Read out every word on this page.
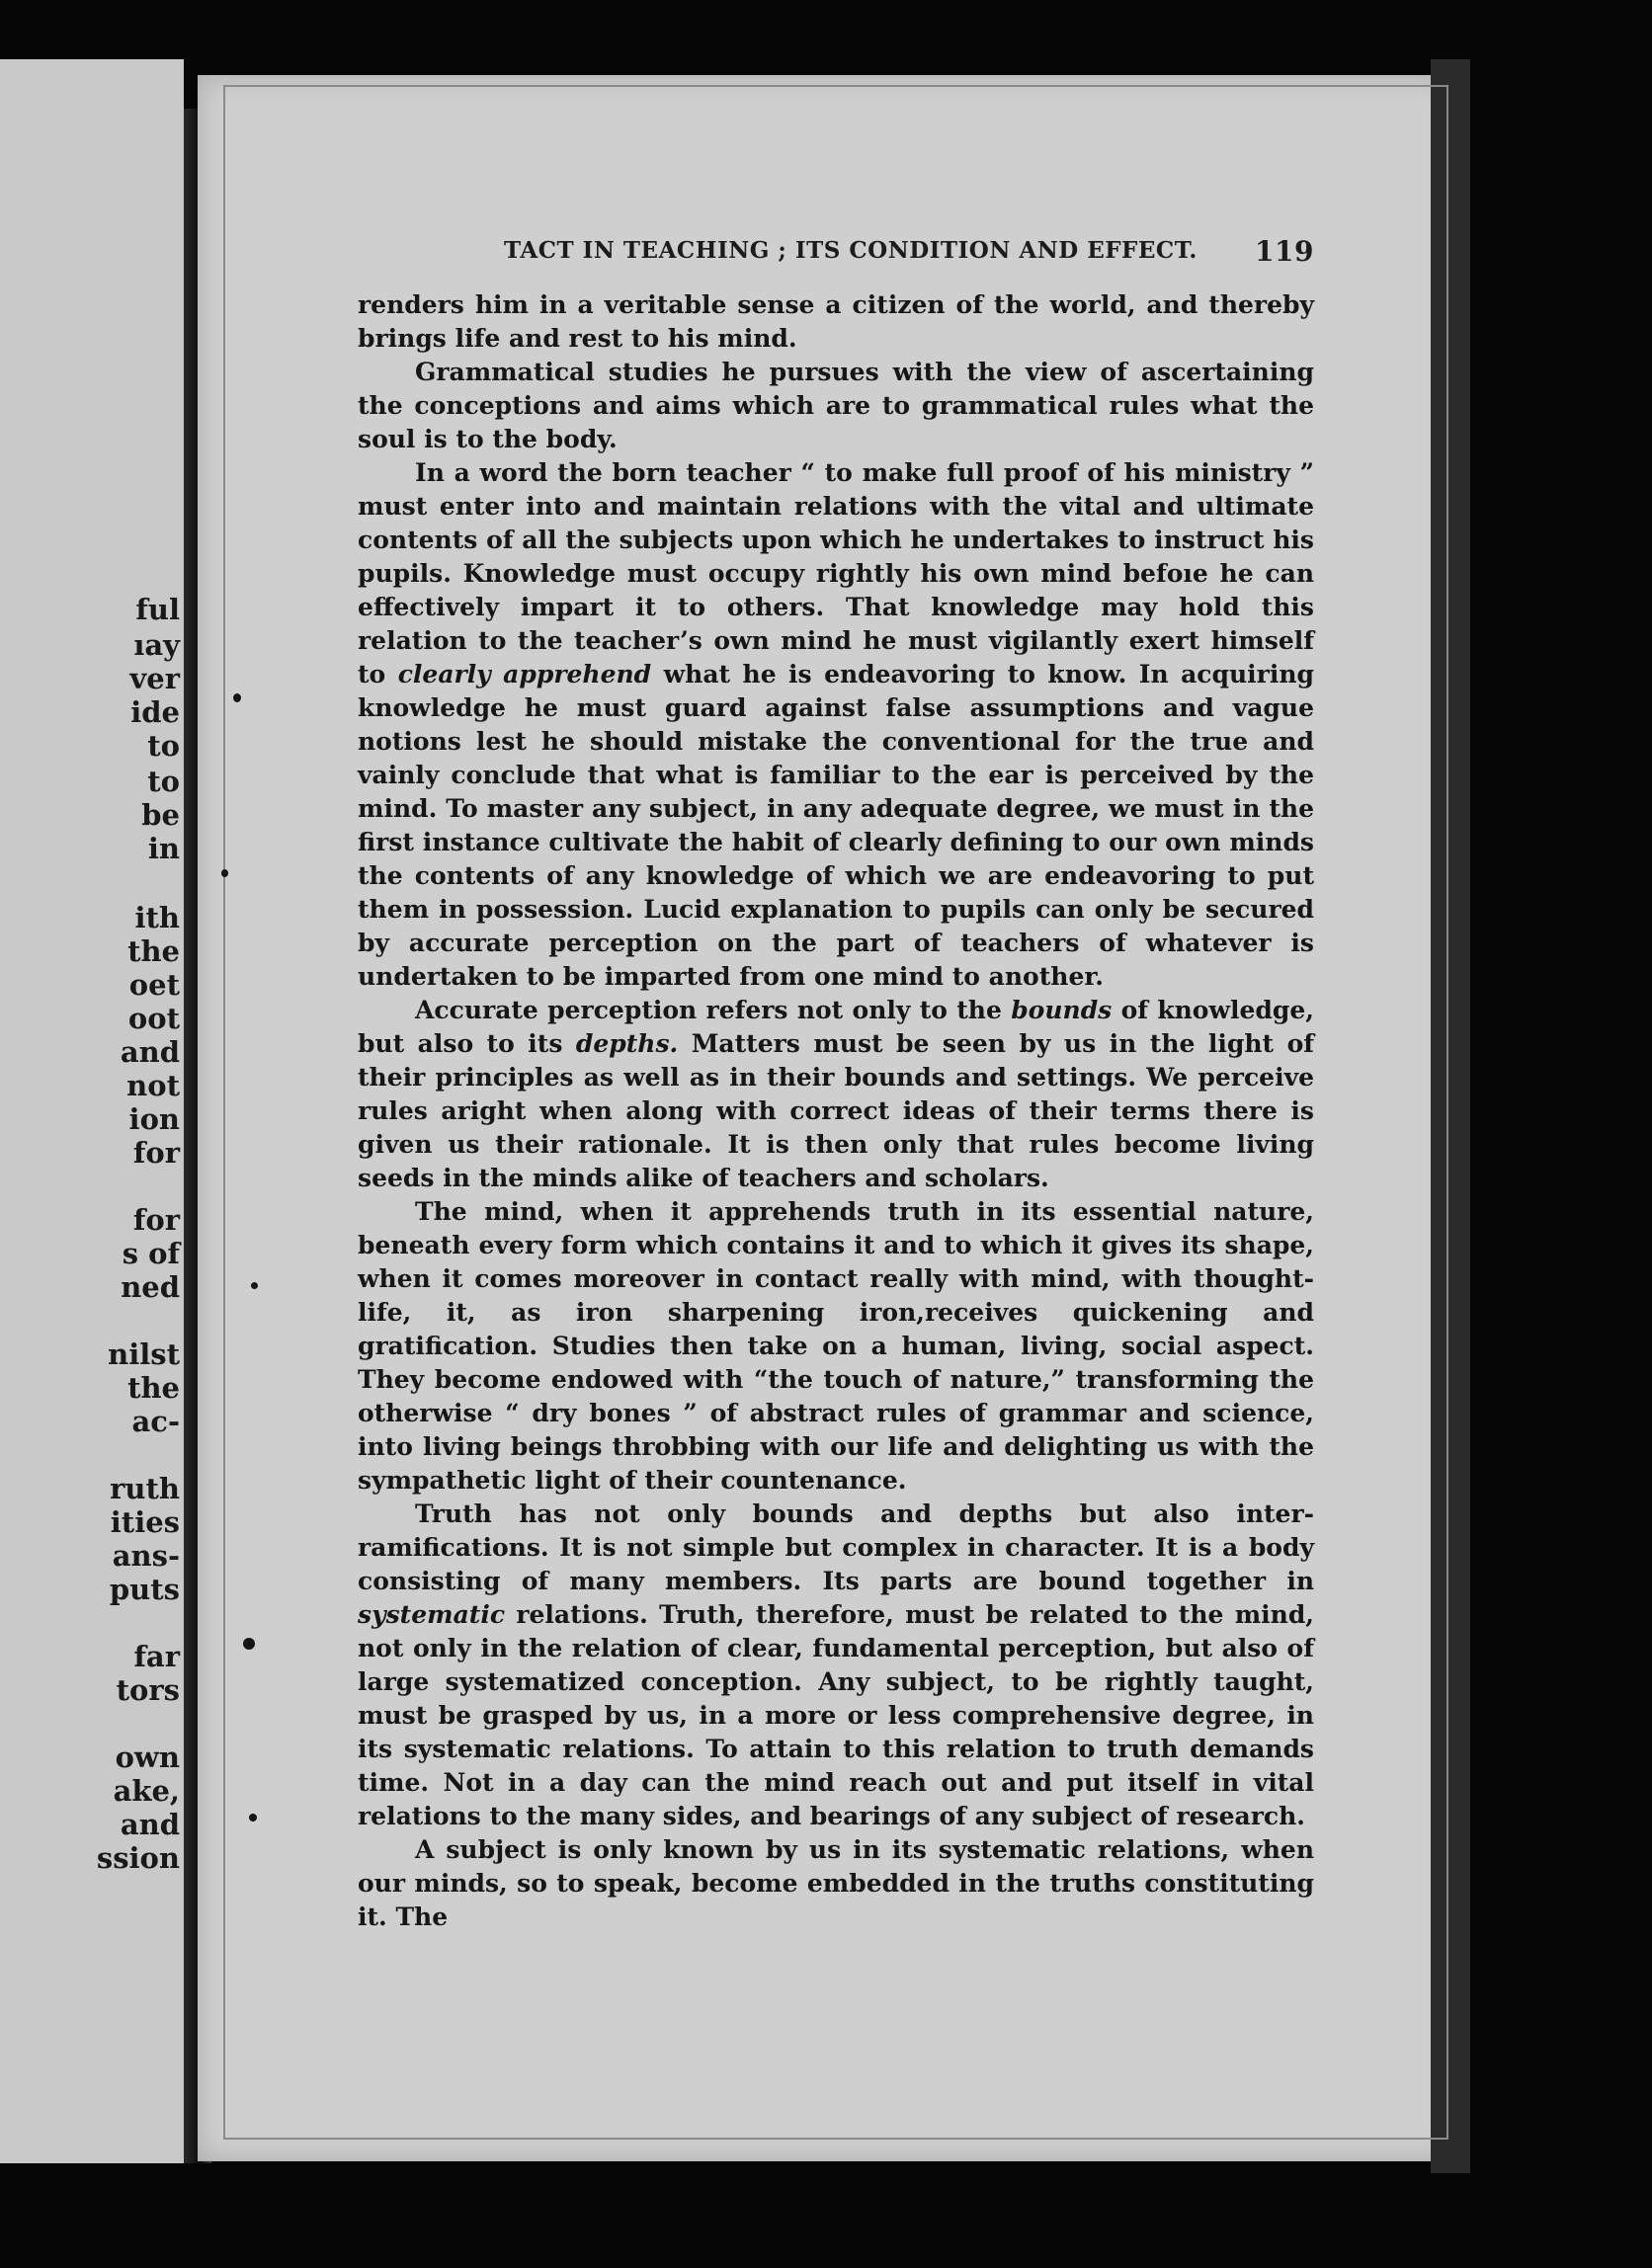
ful
ıay
ver
ide
to
to
be
in
ith
the
oet
oot
and
not
ion
for
for
s of
ned
nilst
the
ac-
ruth
ities
ans-
puts
far
tors
own
ake,
and
ssion
TACT IN TEACHING ; ITS CONDITION AND EFFECT. 119

renders him in a veritable sense a citizen of the world, and thereby brings life and rest to his mind.

Grammatical studies he pursues with the view of ascertaining the conceptions and aims which are to grammatical rules what the soul is to the body.

In a word the born teacher “ to make full proof of his ministry ” must enter into and maintain relations with the vital and ultimate contents of all the subjects upon which he undertakes to instruct his pupils. Knowledge must occupy rightly his own mind befoıe he can effectively impart it to others. That knowledge may hold this relation to the teacher’s own mind he must vigilantly exert himself to clearly apprehend what he is endeavoring to know. In acquiring knowledge he must guard against false assumptions and vague notions lest he should mistake the conventional for the true and vainly conclude that what is familiar to the ear is perceived by the mind. To master any subject, in any adequate degree, we must in the first instance cultivate the habit of clearly defining to our own minds the contents of any knowledge of which we are endeavoring to put them in possession. Lucid explanation to pupils can only be secured by accurate perception on the part of teachers of whatever is undertaken to be imparted from one mind to another.

Accurate perception refers not only to the bounds of knowledge, but also to its depths. Matters must be seen by us in the light of their principles as well as in their bounds and settings. We perceive rules aright when along with correct ideas of their terms there is given us their rationale. It is then only that rules become living seeds in the minds alike of teachers and scholars.

The mind, when it apprehends truth in its essential nature, beneath every form which contains it and to which it gives its shape, when it comes moreover in contact really with mind, with thought-life, it, as iron sharpening iron,receives quickening and gratification. Studies then take on a human, living, social aspect. They become endowed with “the touch of nature,” transforming the otherwise “ dry bones ” of abstract rules of grammar and science, into living beings throbbing with our life and delighting us with the sympathetic light of their countenance.

Truth has not only bounds and depths but also inter-ramifications. It is not simple but complex in character. It is a body consisting of many members. Its parts are bound together in systematic relations. Truth, therefore, must be related to the mind, not only in the relation of clear, fundamental perception, but also of large systematized conception. Any subject, to be rightly taught, must be grasped by us, in a more or less comprehensive degree, in its systematic relations. To attain to this relation to truth demands time. Not in a day can the mind reach out and put itself in vital relations to the many sides, and bearings of any subject of research.

A subject is only known by us in its systematic relations, when our minds, so to speak, become embedded in the truths constituting it. The
